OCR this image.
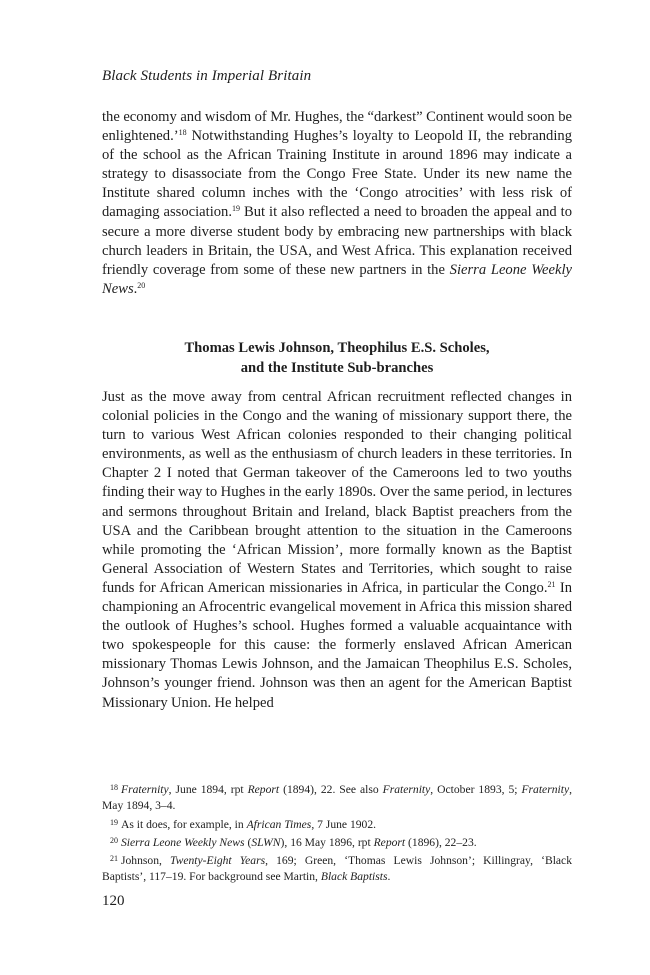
Black Students in Imperial Britain

the economy and wisdom of Mr. Hughes, the “darkest” Continent would soon be enlightened.’$^{18}$ Notwithstanding Hughes’s loyalty to Leopold II, the rebranding of the school as the African Training Institute in around 1896 may indicate a strategy to disassociate from the Congo Free State. Under its new name the Institute shared column inches with the ‘Congo atrocities’ with less risk of damaging association.$^{19}$ But it also reflected a need to broaden the appeal and to secure a more diverse student body by embracing new partnerships with black church leaders in Britain, the USA, and West Africa. This explanation received friendly coverage from some of these new partners in the Sierra Leone Weekly News.$^{20}$

Thomas Lewis Johnson, Theophilus E.S. Scholes,
and the Institute Sub-branches

Just as the move away from central African recruitment reflected changes in colonial policies in the Congo and the waning of missionary support there, the turn to various West African colonies responded to their changing political environments, as well as the enthusiasm of church leaders in these territories. In Chapter 2 I noted that German takeover of the Cameroons led to two youths finding their way to Hughes in the early 1890s. Over the same period, in lectures and sermons throughout Britain and Ireland, black Baptist preachers from the USA and the Caribbean brought attention to the situation in the Cameroons while promoting the ‘African Mission’, more formally known as the Baptist General Association of Western States and Territories, which sought to raise funds for African American missionaries in Africa, in particular the Congo.$^{21}$ In championing an Afrocentric evangelical movement in Africa this mission shared the outlook of Hughes’s school. Hughes formed a valuable acquaintance with two spokespeople for this cause: the formerly enslaved African American missionary Thomas Lewis Johnson, and the Jamaican Theophilus E.S. Scholes, Johnson’s younger friend. Johnson was then an agent for the American Baptist Missionary Union. He helped

$^{18}$ Fraternity, June 1894, rpt Report (1894), 22. See also Fraternity, October 1893, 5; Fraternity, May 1894, 3–4.

$^{19}$ As it does, for example, in African Times, 7 June 1902.

$^{20}$ Sierra Leone Weekly News (SLWN), 16 May 1896, rpt Report (1896), 22–23.

$^{21}$ Johnson, Twenty-Eight Years, 169; Green, ‘Thomas Lewis Johnson’; Killingray, ‘Black Baptists’, 117–19. For background see Martin, Black Baptists.

120
